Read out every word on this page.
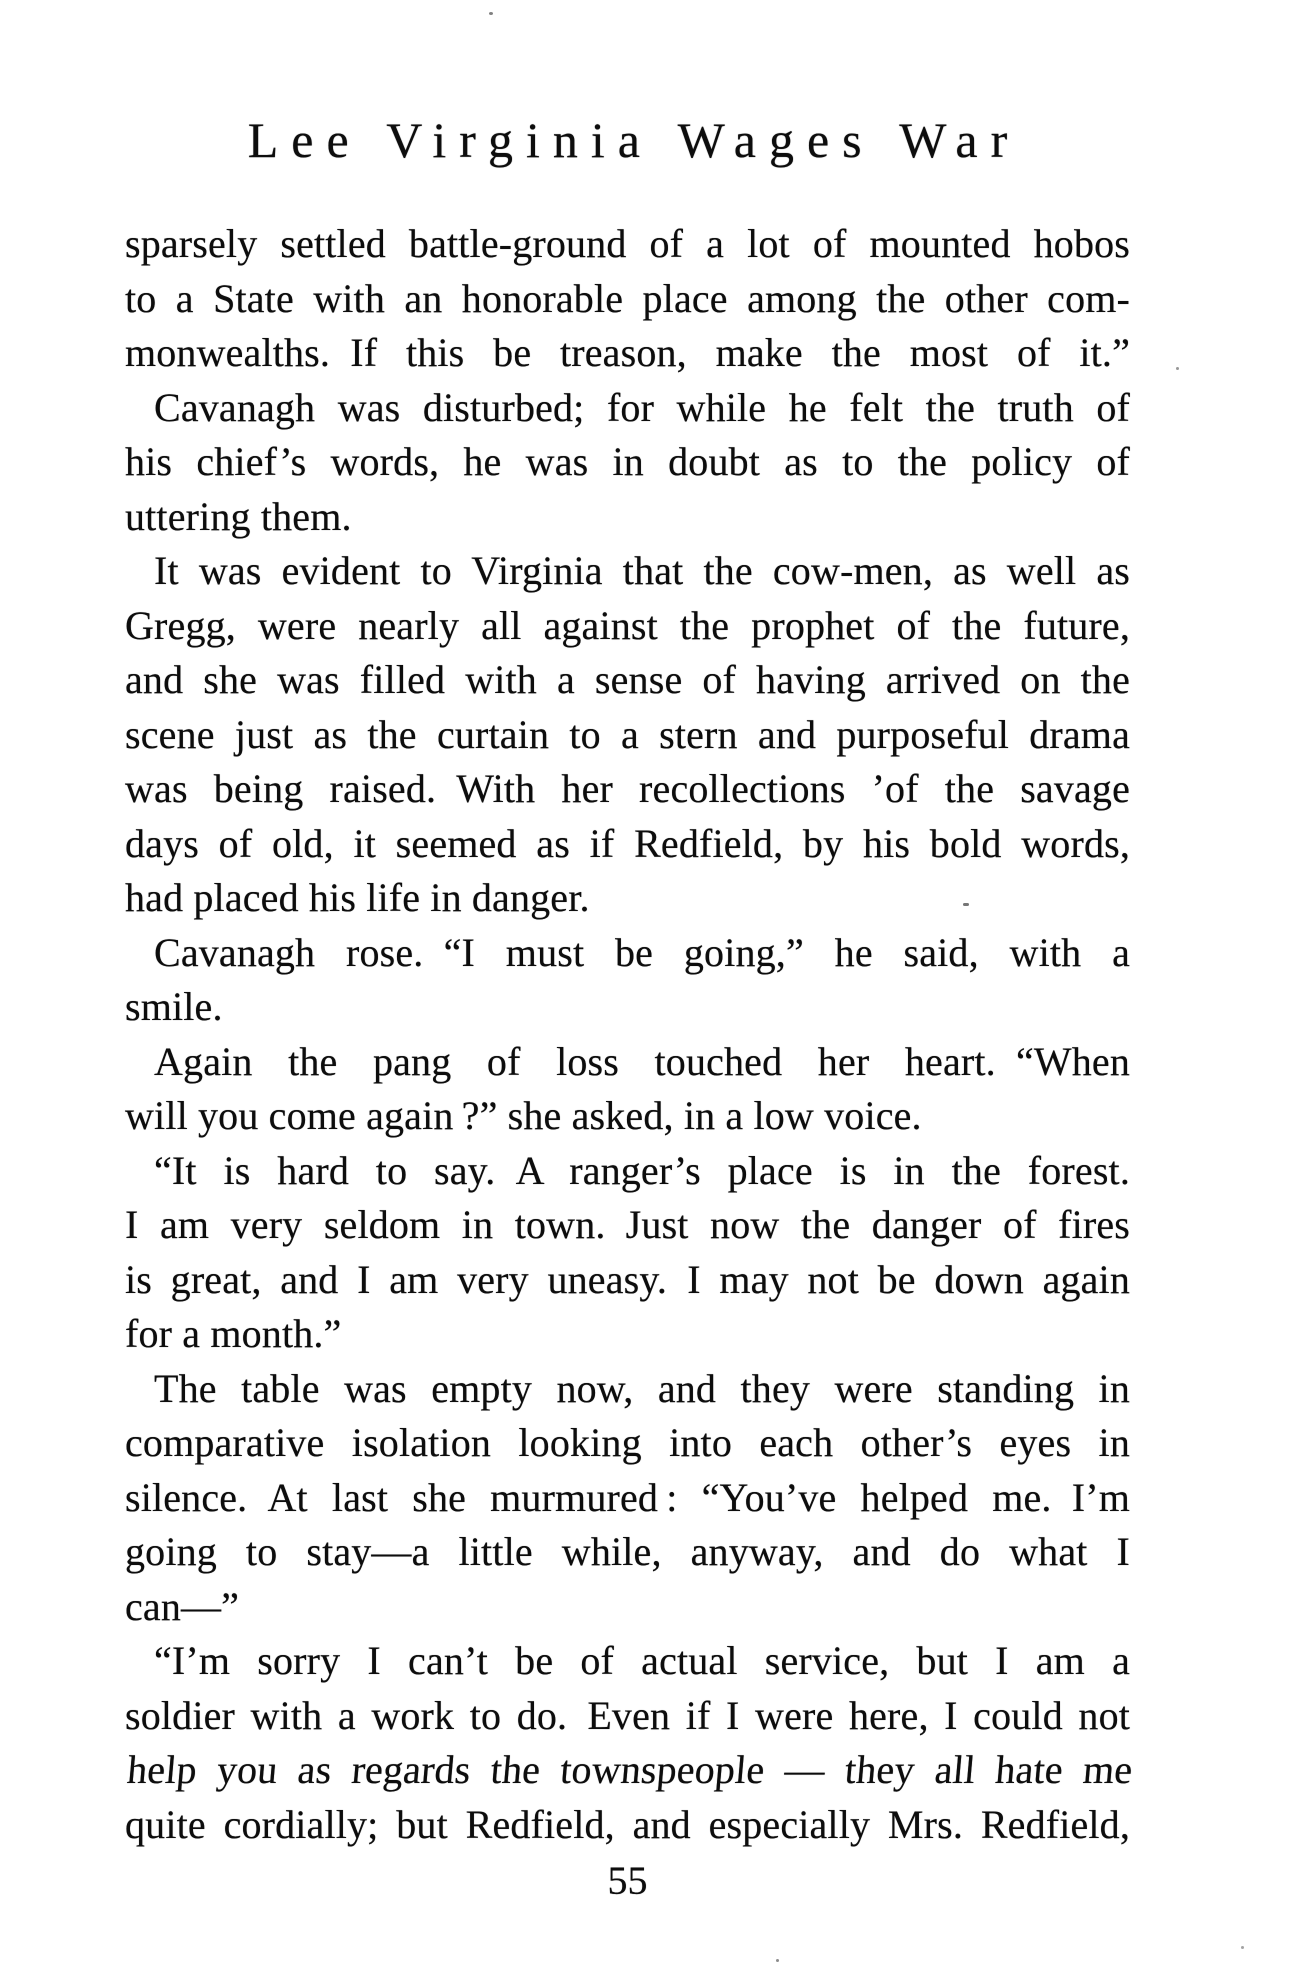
Lee Virginia Wages War
sparsely settled battle-ground of a lot of mounted hobos
to a State with an honorable place among the other com-
monwealths. If this be treason, make the most of it.”
Cavanagh was disturbed; for while he felt the truth of
his chief’s words, he was in doubt as to the policy of
uttering them.
It was evident to Virginia that the cow-men, as well as
Gregg, were nearly all against the prophet of the future,
and she was filled with a sense of having arrived on the
scene just as the curtain to a stern and purposeful drama
was being raised. With her recollections ’of the savage
days of old, it seemed as if Redfield, by his bold words,
had placed his life in danger.
Cavanagh rose. “I must be going,” he said, with a
smile.
Again the pang of loss touched her heart. “When
will you come again ?” she asked, in a low voice.
“It is hard to say. A ranger’s place is in the forest.
I am very seldom in town. Just now the danger of fires
is great, and I am very uneasy. I may not be down again
for a month.”
The table was empty now, and they were standing in
comparative isolation looking into each other’s eyes in
silence. At last she murmured : “You’ve helped me. I’m
going to stay—a little while, anyway, and do what I
can—”
“I’m sorry I can’t be of actual service, but I am a
soldier with a work to do. Even if I were here, I could not
help you as regards the townspeople — they all hate me
quite cordially; but Redfield, and especially Mrs. Redfield,
55
